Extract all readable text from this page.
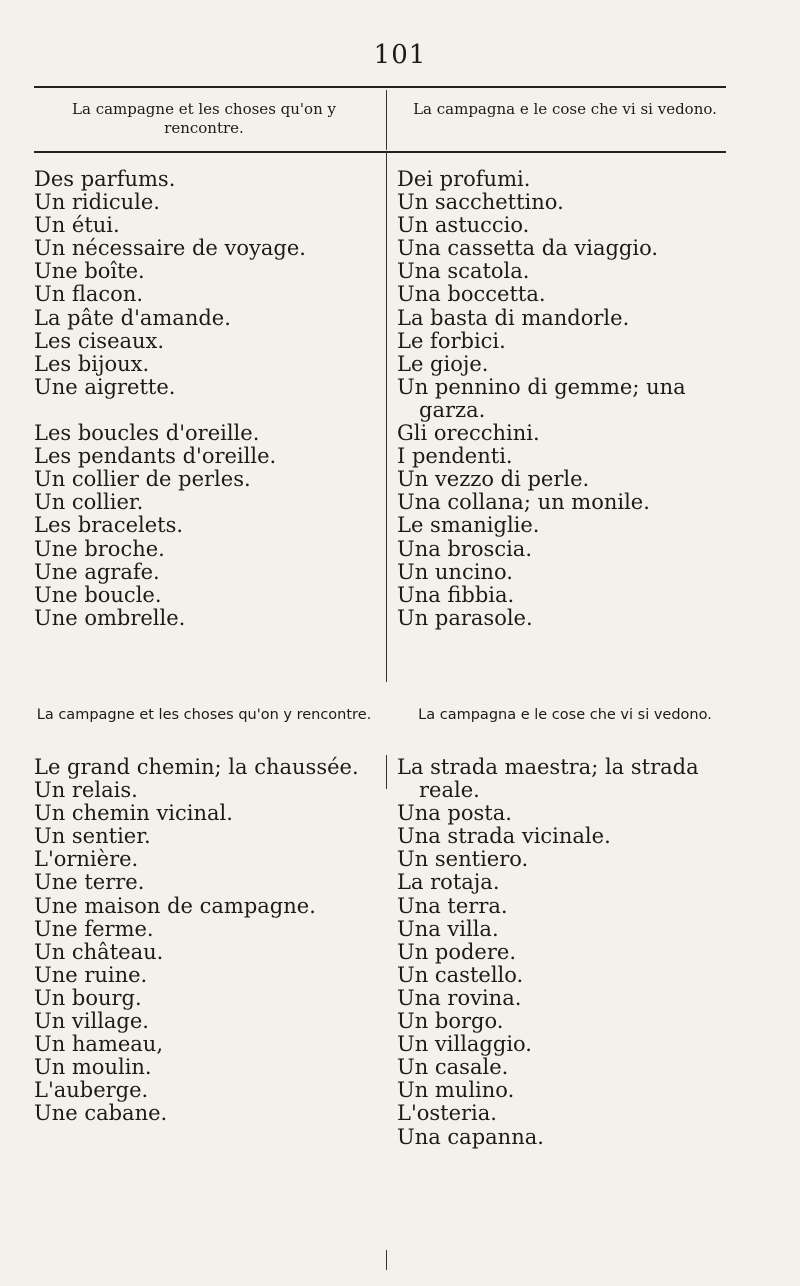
101
La campagne et les choses qu'on y rencontre.
La campagna e le cose che vi si vedono.
Des parfums.
Un ridicule.
Un étui.
Un nécessaire de voyage.
Une boîte.
Un flacon.
La pâte d'amande.
Les ciseaux.
Les bijoux.
Une aigrette.

Les boucles d'oreille.
Les pendants d'oreille.
Un collier de perles.
Un collier.
Les bracelets.
Une broche.
Une agrafe.
Une boucle.
Une ombrelle.
Dei profumi.
Un sacchettino.
Un astuccio.
Una cassetta da viaggio.
Una scatola.
Una boccetta.
La basta di mandorle.
Le forbici.
Le gioje.
Un pennino di gemme; una garza.
Gli orecchini.
I pendenti.
Un vezzo di perle.
Una collana; un monile.
Le smaniglie.
Una broscia.
Un uncino.
Una fibbia.
Un parasole.
La campagne et les choses qu'on y rencontre.	La campagna e le cose che vi si vedono.
Le grand chemin; la chaussée.
Un relais.
Un chemin vicinal.
Un sentier.
L'ornière.
Une terre.
Une maison de campagne.
Une ferme.
Un château.
Une ruine.
Un bourg.
Un village.
Un hameau,
Un moulin.
L'auberge.
Une cabane.
La strada maestra; la strada reale.
Una posta.
Una strada vicinale.
Un sentiero.
La rotaja.
Una terra.
Una villa.
Un podere.
Un castello.
Una rovina.
Un borgo.
Un villaggio.
Un casale.
Un mulino.
L'osteria.
Una capanna.
